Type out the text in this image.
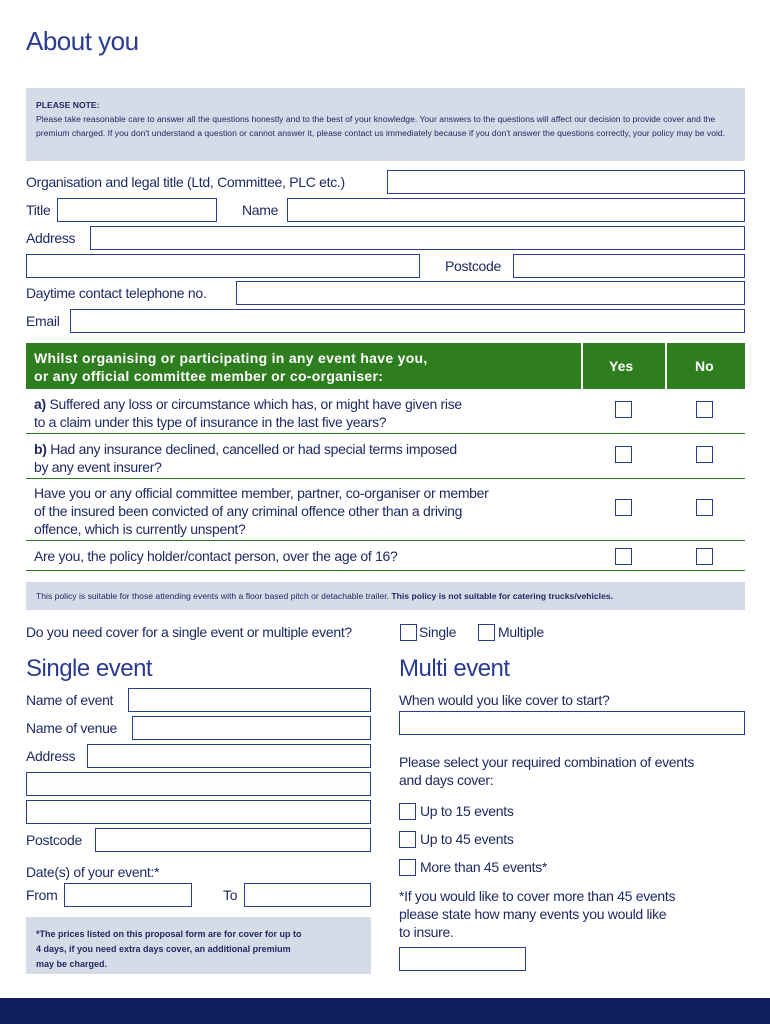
About you
PLEASE NOTE:
Please take reasonable care to answer all the questions honestly and to the best of your knowledge. Your answers to the questions will affect our decision to provide cover and the premium charged. If you don't understand a question or cannot answer it, please contact us immediately because if you don't answer the questions correctly, your policy may be void.
Organisation and legal title (Ltd, Committee, PLC etc.)
Title	Name
Address
Postcode
Daytime contact telephone no.
Email
Whilst organising or participating in any event have you,
or any official committee member or co-organiser:
Yes	No
a) Suffered any loss or circumstance which has, or might have given rise
to a claim under this type of insurance in the last five years?
b) Had any insurance declined, cancelled or had special terms imposed
by any event insurer?
Have you or any official committee member, partner, co-organiser or member
of the insured been convicted of any criminal offence other than a driving
offence, which is currently unspent?
Are you, the policy holder/contact person, over the age of 16?
This policy is suitable for those attending events with a floor based pitch or detachable trailer. This policy is not suitable for catering trucks/vehicles.
Do you need cover for a single event or multiple event?	Single	Multiple
Single event
Name of event
Name of venue
Address
Postcode
Date(s) of your event:*
From	To
*The prices listed on this proposal form are for cover for up to
4 days, if you need extra days cover, an additional premium
may be charged.
Multi event
When would you like cover to start?
Please select your required combination of events
and days cover:
Up to 15 events
Up to 45 events
More than 45 events*
*If you would like to cover more than 45 events
please state how many events you would like
to insure.
